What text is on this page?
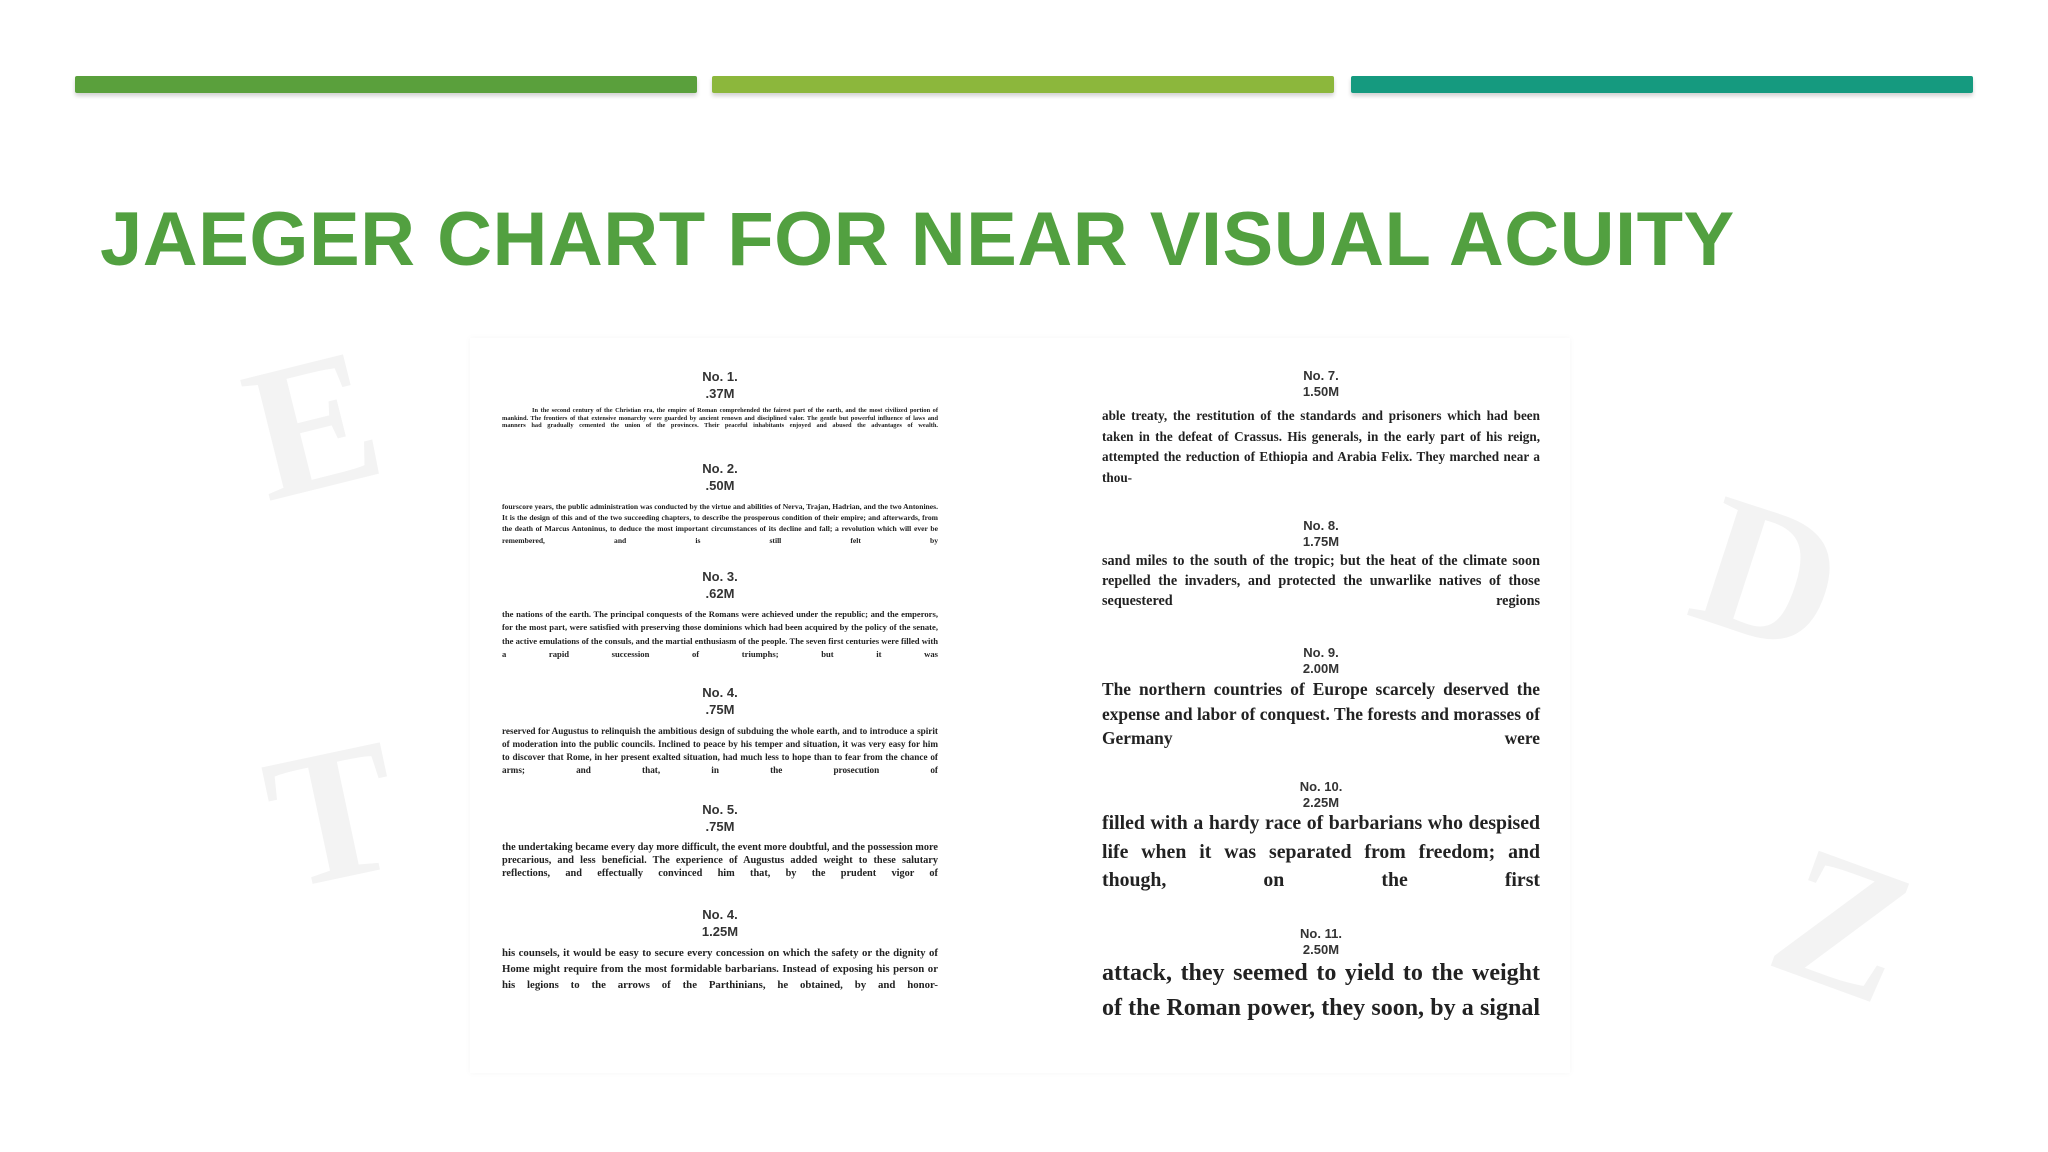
E
T
D
Z
JAEGER CHART FOR NEAR VISUAL ACUITY

No. 1.

.37M

In the second century of the Christian era, the empire of Roman comprehended the fairest part of the earth, and the most civilized portion of mankind. The frontiers of that extensive monarchy were guarded by ancient renown and disciplined valor. The gentle but powerful influence of laws and manners had gradually cemented the union of the provinces. Their peaceful inhabitants enjoyed and abused the advantages of wealth.

No. 2.

.50M

fourscore years, the public administration was conducted by the virtue and abilities of Nerva, Trajan, Hadrian, and the two Antonines. It is the design of this and of the two succeeding chapters, to describe the prosperous condition of their empire; and afterwards, from the death of Marcus Antoninus, to deduce the most important circumstances of its decline and fall; a revolution which will ever be remembered, and is still felt by

No. 3.

.62M

the nations of the earth. The principal conquests of the Romans were achieved under the republic; and the emperors, for the most part, were satisfied with preserving those dominions which had been acquired by the policy of the senate, the active emulations of the consuls, and the martial enthusiasm of the people. The seven first centuries were filled with a rapid succession of triumphs; but it was

No. 4.

.75M

reserved for Augustus to relinquish the ambitious design of subduing the whole earth, and to introduce a spirit of moderation into the public councils. Inclined to peace by his temper and situation, it was very easy for him to discover that Rome, in her present exalted situation, had much less to hope than to fear from the chance of arms; and that, in the prosecution of

No. 5.

.75M

the undertaking became every day more difficult, the event more doubtful, and the possession more precarious, and less beneficial. The experience of Augustus added weight to these salutary reflections, and effectually convinced him that, by the prudent vigor of

No. 4.

1.25M

his counsels, it would be easy to secure every concession on which the safety or the dignity of Home might require from the most formidable barbarians. Instead of exposing his person or his legions to the arrows of the Parthinians, he obtained, by and honor-

No. 7.

1.50M

able treaty, the restitution of the standards and prisoners which had been taken in the defeat of Crassus. His generals, in the early part of his reign, attempted the reduction of Ethiopia and Arabia Felix. They marched near a thou-

No. 8.

1.75M

sand miles to the south of the tropic; but the heat of the climate soon repelled the invaders, and protected the unwarlike natives of those sequestered regions

No. 9.

2.00M

The northern countries of Europe scarcely deserved the expense and labor of conquest. The forests and morasses of Germany were

No. 10.

2.25M

filled with a hardy race of barbarians who despised life when it was separated from freedom; and though, on the first

No. 11.

2.50M

attack, they seemed to yield to the weight of the Roman power, they soon, by a signal
